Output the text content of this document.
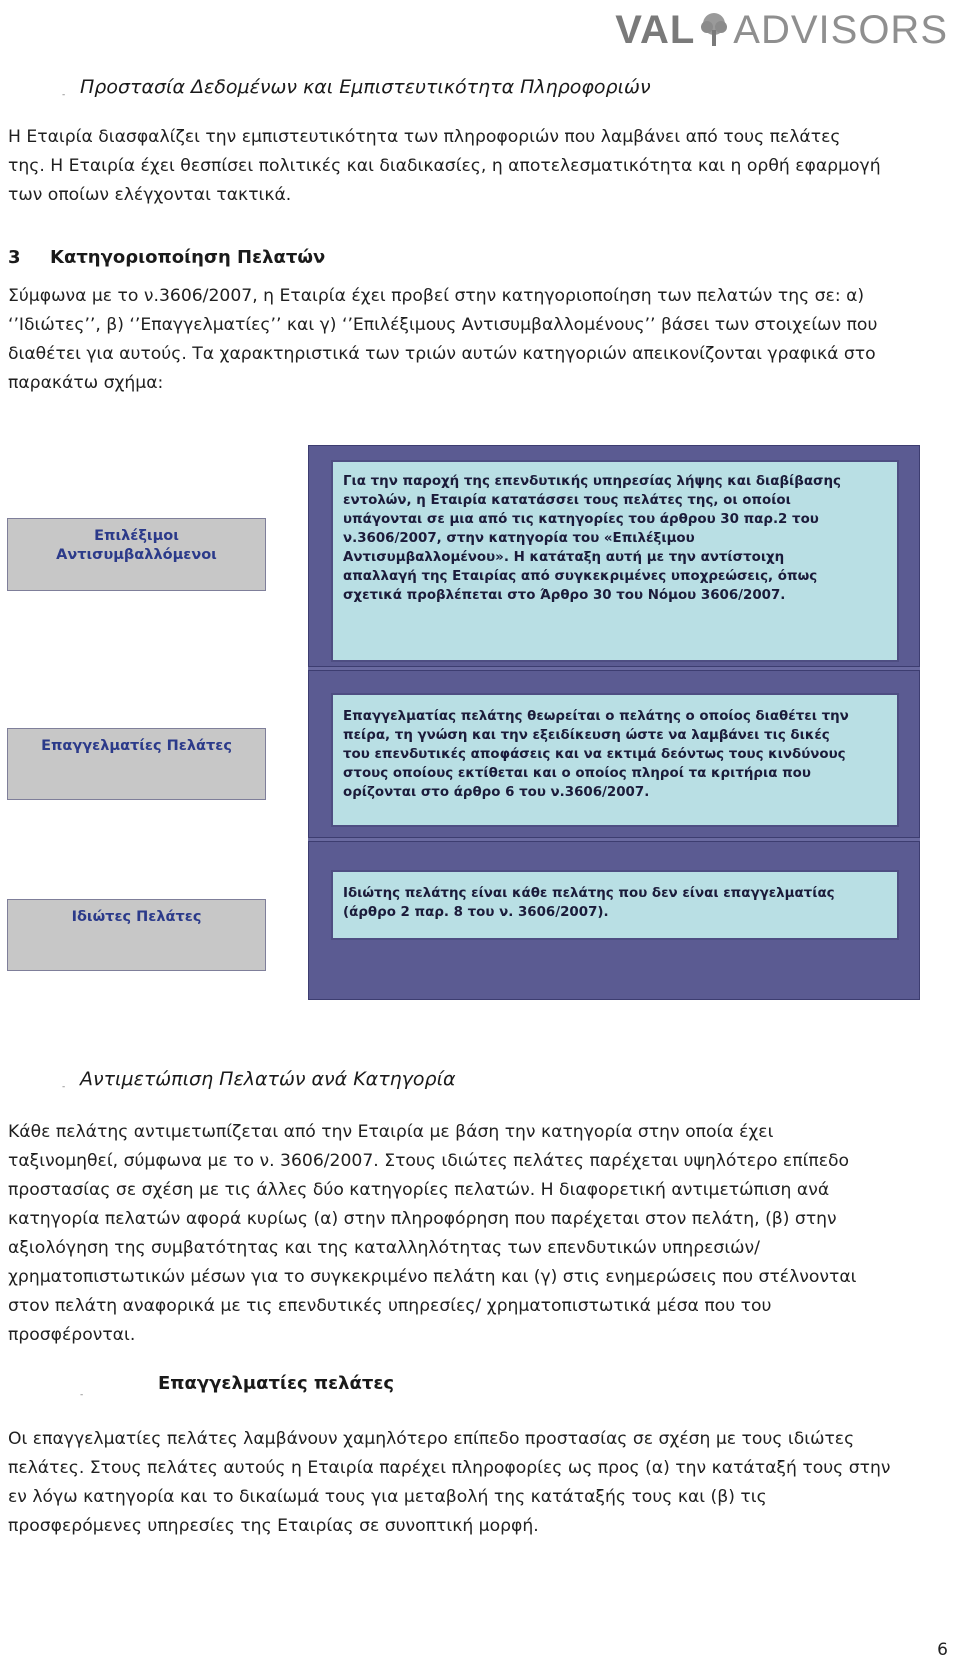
VAL ADVISORS
- Προστασία Δεδομένων και Εμπιστευτικότητα Πληροφοριών
Η Εταιρία διασφαλίζει την εμπιστευτικότητα των πληροφοριών που λαμβάνει από τους πελάτες
της. Η Εταιρία έχει θεσπίσει πολιτικές και διαδικασίες, η αποτελεσματικότητα και η ορθή εφαρμογή
των οποίων ελέγχονται τακτικά.
3 Κατηγοριοποίηση Πελατών
Σύμφωνα με το ν.3606/2007, η Εταιρία έχει προβεί στην κατηγοριοποίηση των πελατών της σε: α)
‘’Ιδιώτες’’, β) ‘’Επαγγελματίες’’ και γ) ‘’Επιλέξιμους Αντισυμβαλλομένους’’ βάσει των στοιχείων που
διαθέτει για αυτούς. Τα χαρακτηριστικά των τριών αυτών κατηγοριών απεικονίζονται γραφικά στο
παρακάτω σχήμα:
Για την παροχή της επενδυτικής υπηρεσίας λήψης και διαβίβασης
εντολών, η Εταιρία κατατάσσει τους πελάτες της, οι οποίοι
υπάγονται σε μια από τις κατηγορίες του άρθρου 30 παρ.2 του
ν.3606/2007, στην κατηγορία του «Επιλέξιμου
Αντισυμβαλλομένου». Η κατάταξη αυτή με την αντίστοιχη
απαλλαγή της Εταιρίας από συγκεκριμένες υποχρεώσεις, όπως
σχετικά προβλέπεται στο Άρθρο 30 του Νόμου 3606/2007.
Επαγγελματίας πελάτης θεωρείται ο πελάτης ο οποίος διαθέτει την
πείρα, τη γνώση και την εξειδίκευση ώστε να λαμβάνει τις δικές
του επενδυτικές αποφάσεις και να εκτιμά δεόντως τους κινδύνους
στους οποίους εκτίθεται και ο οποίος πληροί τα κριτήρια που
ορίζονται στο άρθρο 6 του ν.3606/2007.
Ιδιώτης πελάτης είναι κάθε πελάτης που δεν είναι επαγγελματίας
(άρθρο 2 παρ. 8 του ν. 3606/2007).
Επιλέξιμοι
Αντισυμβαλλόμενοι
Επαγγελματίες Πελάτες
Ιδιώτες Πελάτες
- Αντιμετώπιση Πελατών ανά Κατηγορία
Κάθε πελάτης αντιμετωπίζεται από την Εταιρία με βάση την κατηγορία στην οποία έχει
ταξινομηθεί, σύμφωνα με το ν. 3606/2007. Στους ιδιώτες πελάτες παρέχεται υψηλότερο επίπεδο
προστασίας σε σχέση με τις άλλες δύο κατηγορίες πελατών. Η διαφορετική αντιμετώπιση ανά
κατηγορία πελατών αφορά κυρίως (α) στην πληροφόρηση που παρέχεται στον πελάτη, (β) στην
αξιολόγηση της συμβατότητας και της καταλληλότητας των επενδυτικών υπηρεσιών/
χρηματοπιστωτικών μέσων για το συγκεκριμένο πελάτη και (γ) στις ενημερώσεις που στέλνονται
στον πελάτη αναφορικά με τις επενδυτικές υπηρεσίες/ χρηματοπιστωτικά μέσα που του
προσφέρονται.
-
Επαγγελματίες πελάτες
Οι επαγγελματίες πελάτες λαμβάνουν χαμηλότερο επίπεδο προστασίας σε σχέση με τους ιδιώτες
πελάτες. Στους πελάτες αυτούς η Εταιρία παρέχει πληροφορίες ως προς (α) την κατάταξή τους στην
εν λόγω κατηγορία και το δικαίωμά τους για μεταβολή της κατάταξής τους και (β) τις
προσφερόμενες υπηρεσίες της Εταιρίας σε συνοπτική μορφή.
6
